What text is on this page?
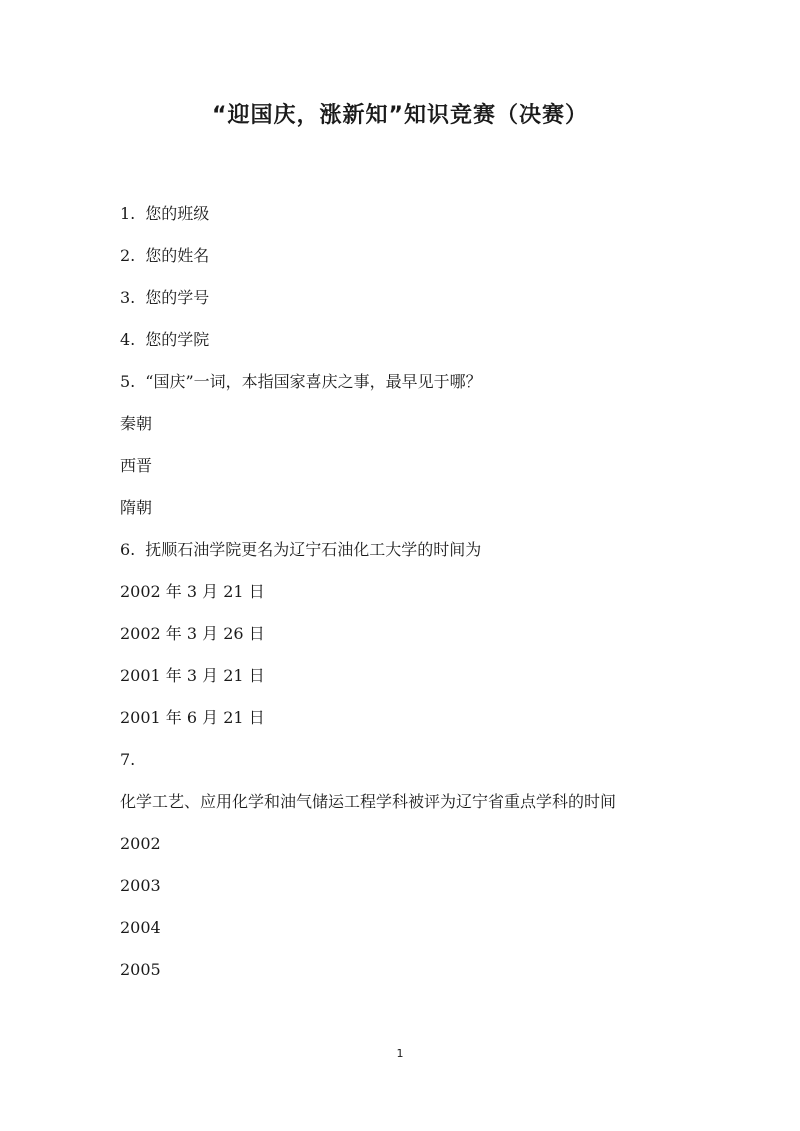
“迎国庆，涨新知”知识竞赛（决赛）
1. 您的班级
2. 您的姓名
3. 您的学号
4. 您的学院
5. “国庆”一词，本指国家喜庆之事，最早见于哪？
秦朝
西晋
隋朝
6. 抚顺石油学院更名为辽宁石油化工大学的时间为
2002 年 3 月 21 日
2002 年 3 月 26 日
2001 年 3 月 21 日
2001 年 6 月 21 日
7.
化学工艺、应用化学和油气储运工程学科被评为辽宁省重点学科的时间
2002
2003
2004
2005
1
